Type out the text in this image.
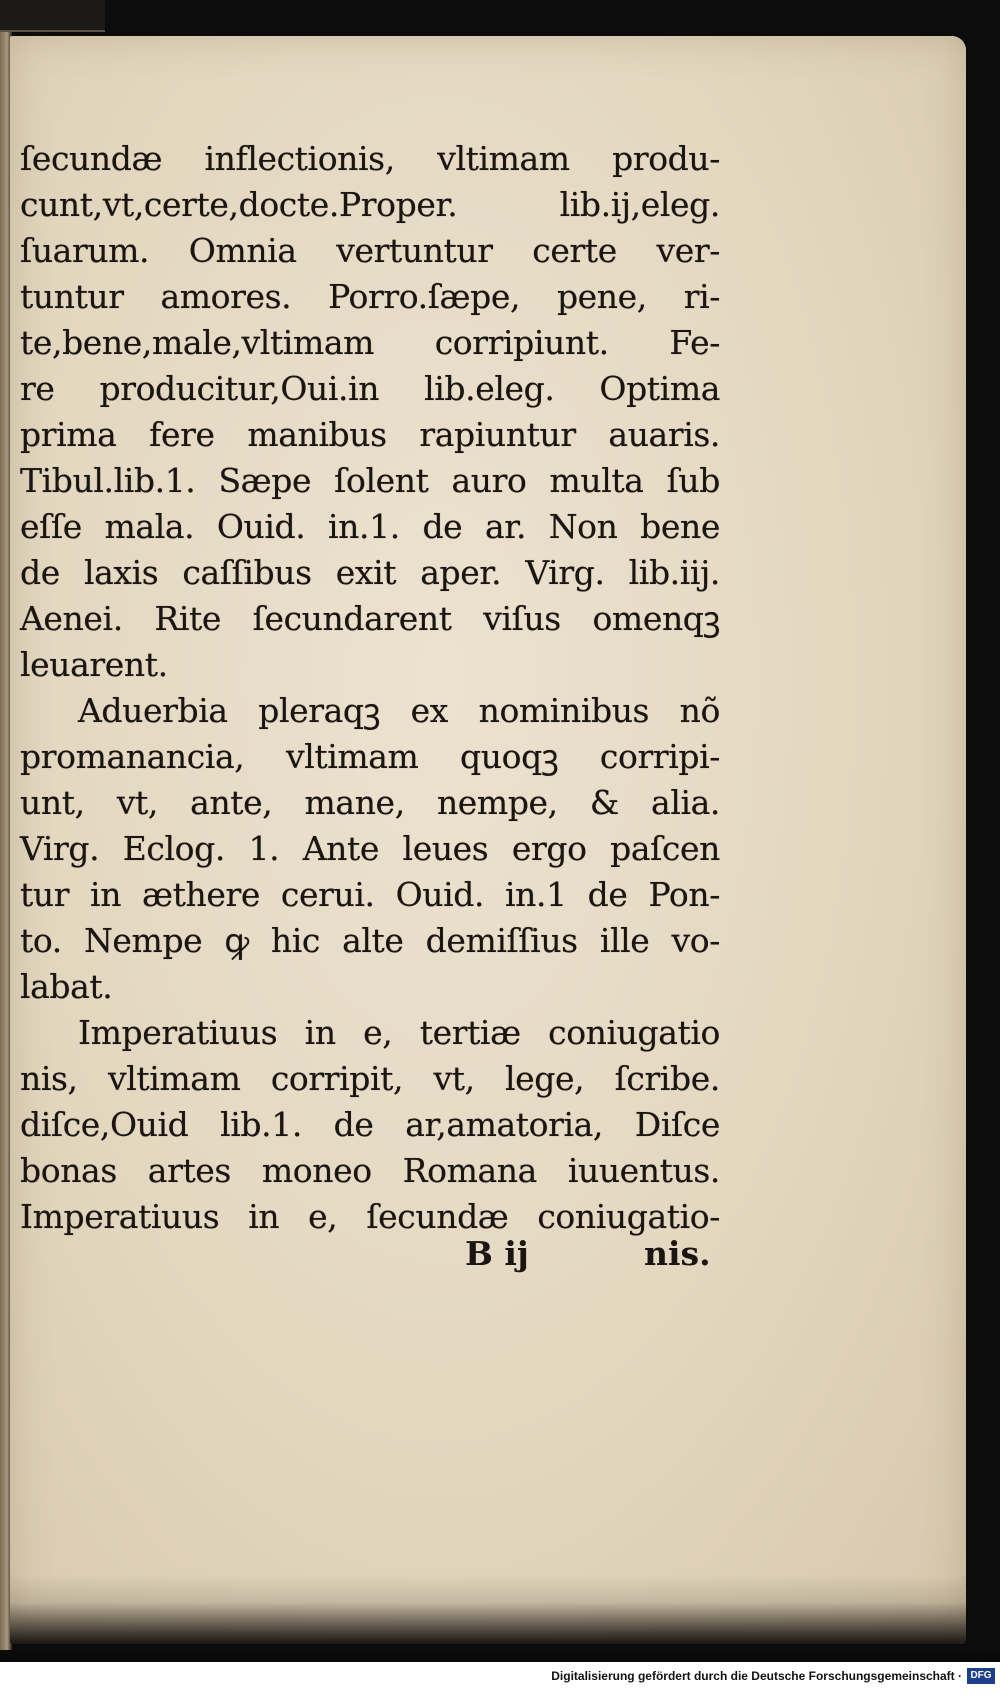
ſecundæ inflectionis, vltimam produ-
cunt,vt,certe,docte.Proper. lib.ij,eleg.
ſuarum. Omnia vertuntur certe ver-
tuntur amores. Porro.ſæpe, pene, ri-
te,bene,male,vltimam corripiunt. Fe-
re producitur,Oui.in lib.eleg. Optima
prima fere manibus rapiuntur auaris.
Tibul.lib.1. Sæpe ſolent auro multa ſub
eſſe mala. Ouid. in.1. de ar. Non bene
de laxis caſſibus exit aper. Virg. lib.iij.
Aenei. Rite ſecundarent viſus omenqꝫ
leuarent.
Aduerbia pleraqꝫ ex nominibus nõ
promanancia, vltimam quoqꝫ corripi-
unt, vt, ante, mane, nempe, & alia.
Virg. Eclog. 1. Ante leues ergo paſcen
tur in æthere cerui. Ouid. in.1 de Pon-
to. Nempe ꝙ hic alte demiſſius ille vo-
labat.
Imperatiuus in e, tertiæ coniugatio
nis, vltimam corripit, vt, lege, ſcribe.
diſce,Ouid lib.1. de ar,amatoria, Diſce
bonas artes moneo Romana iuuentus.
Imperatiuus in e, ſecundæ coniugatio-
B ij	nis.
Digitalisierung gefördert durch die Deutsche Forschungsgemeinschaft · DFG
